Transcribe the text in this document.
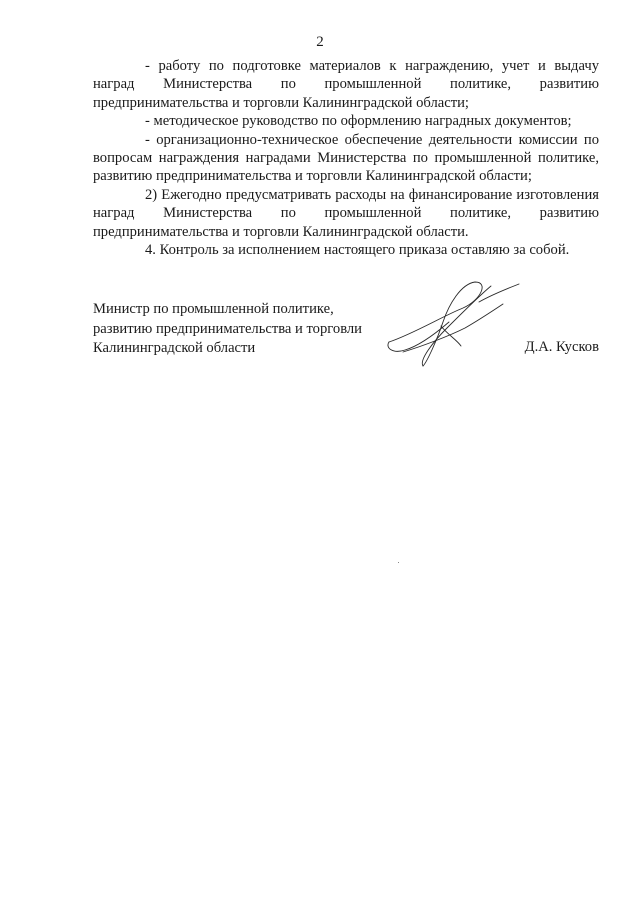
2

- работу по подготовке материалов к награждению, учет и выдачу наград Министерства по промышленной политике, развитию предпринимательства и торговли Калининградской области;

- методическое руководство по оформлению наградных документов;

- организационно-техническое обеспечение деятельности комиссии по вопросам награждения наградами Министерства по промышленной политике, развитию предпринимательства и торговли Калининградской области;

2) Ежегодно предусматривать расходы на финансирование изготовления наград Министерства по промышленной политике, развитию предпринимательства и торговли Калининградской области.

4. Контроль за исполнением настоящего приказа оставляю за собой.

Министр по промышленной политике,
развитию предпринимательства и торговли
Калининградской области	Д.А. Кусков
